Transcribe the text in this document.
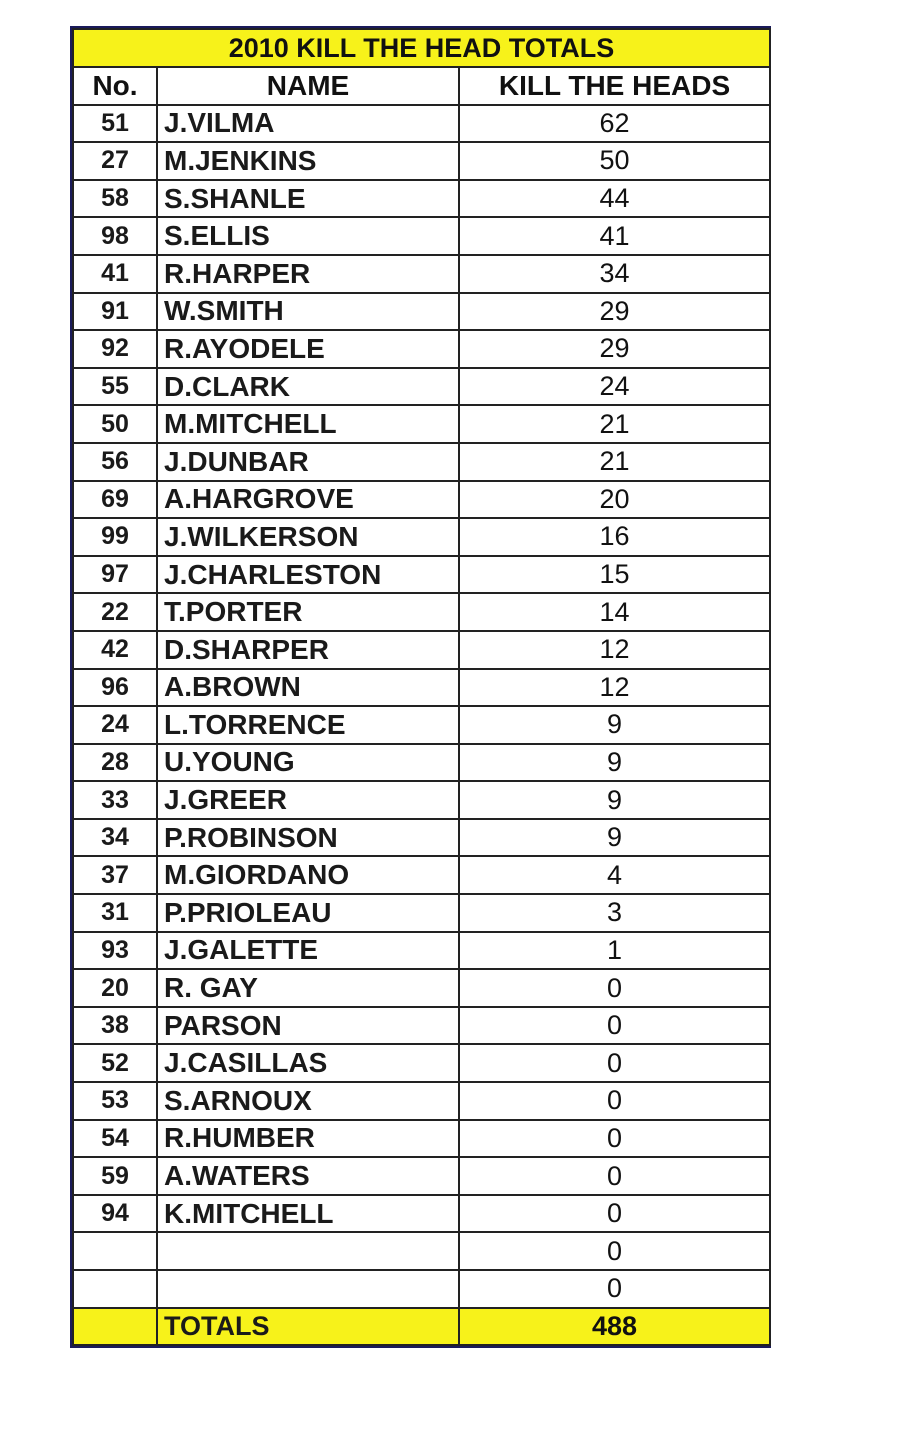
2010 KILL THE HEAD TOTALS		
No.	NAME	KILL THE HEADS
51	J.VILMA	62
27	M.JENKINS	50
58	S.SHANLE	44
98	S.ELLIS	41
41	R.HARPER	34
91	W.SMITH	29
92	R.AYODELE	29
55	D.CLARK	24
50	M.MITCHELL	21
56	J.DUNBAR	21
69	A.HARGROVE	20
99	J.WILKERSON	16
97	J.CHARLESTON	15
22	T.PORTER	14
42	D.SHARPER	12
96	A.BROWN	12
24	L.TORRENCE	9
28	U.YOUNG	9
33	J.GREER	9
34	P.ROBINSON	9
37	M.GIORDANO	4
31	P.PRIOLEAU	3
93	J.GALETTE	1
20	R. GAY	0
38	PARSON	0
52	J.CASILLAS	0
53	S.ARNOUX	0
54	R.HUMBER	0
59	A.WATERS	0
94	K.MITCHELL	0
		0
		0
	TOTALS	488
